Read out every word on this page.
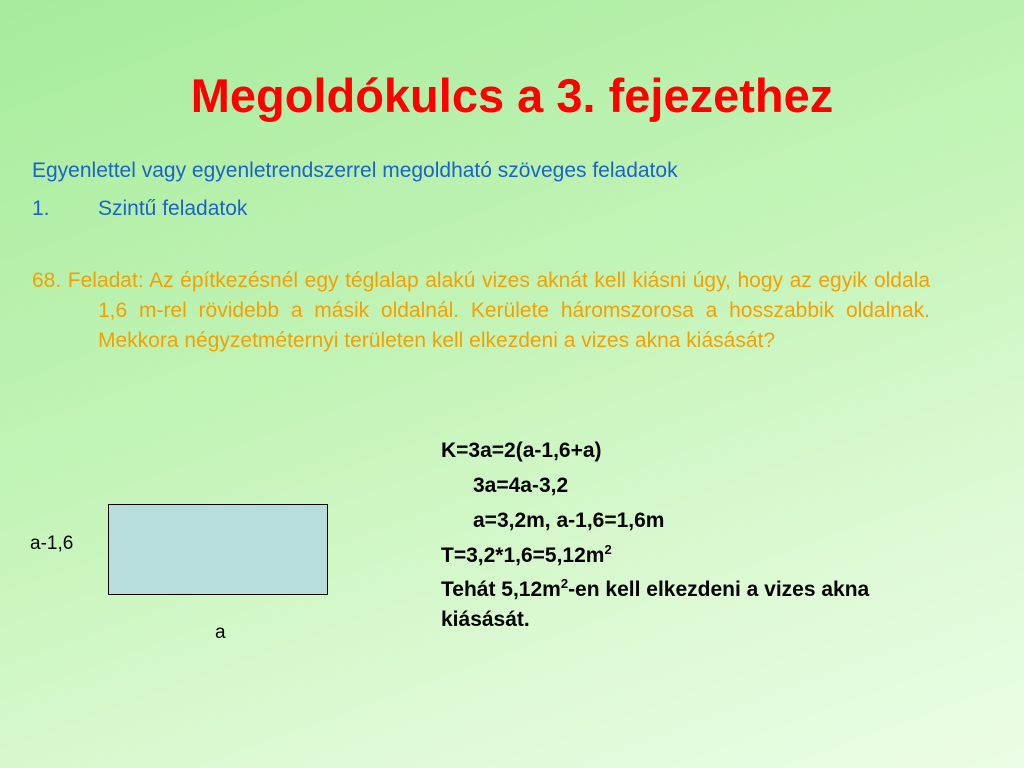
Megoldókulcs a 3. fejezethez
Egyenlettel vagy egyenletrendszerrel megoldható szöveges feladatok
1. Szintű feladatok
68. Feladat: Az építkezésnél egy téglalap alakú vizes aknát kell kiásni úgy, hogy az egyik oldala 1,6 m-rel rövidebb a másik oldalnál. Kerülete háromszorosa a hosszabbik oldalnak. Mekkora négyzetméternyi területen kell elkezdeni a vizes akna kiásását?
K=3a=2(a-1,6+a)
3a=4a-3,2
a=3,2m, a-1,6=1,6m
$T=3,2*1,6=5,12m^2$
Tehát $5,12m^2-en$ kell elkezdeni a vizes akna kiásását.
a-1,6
a
